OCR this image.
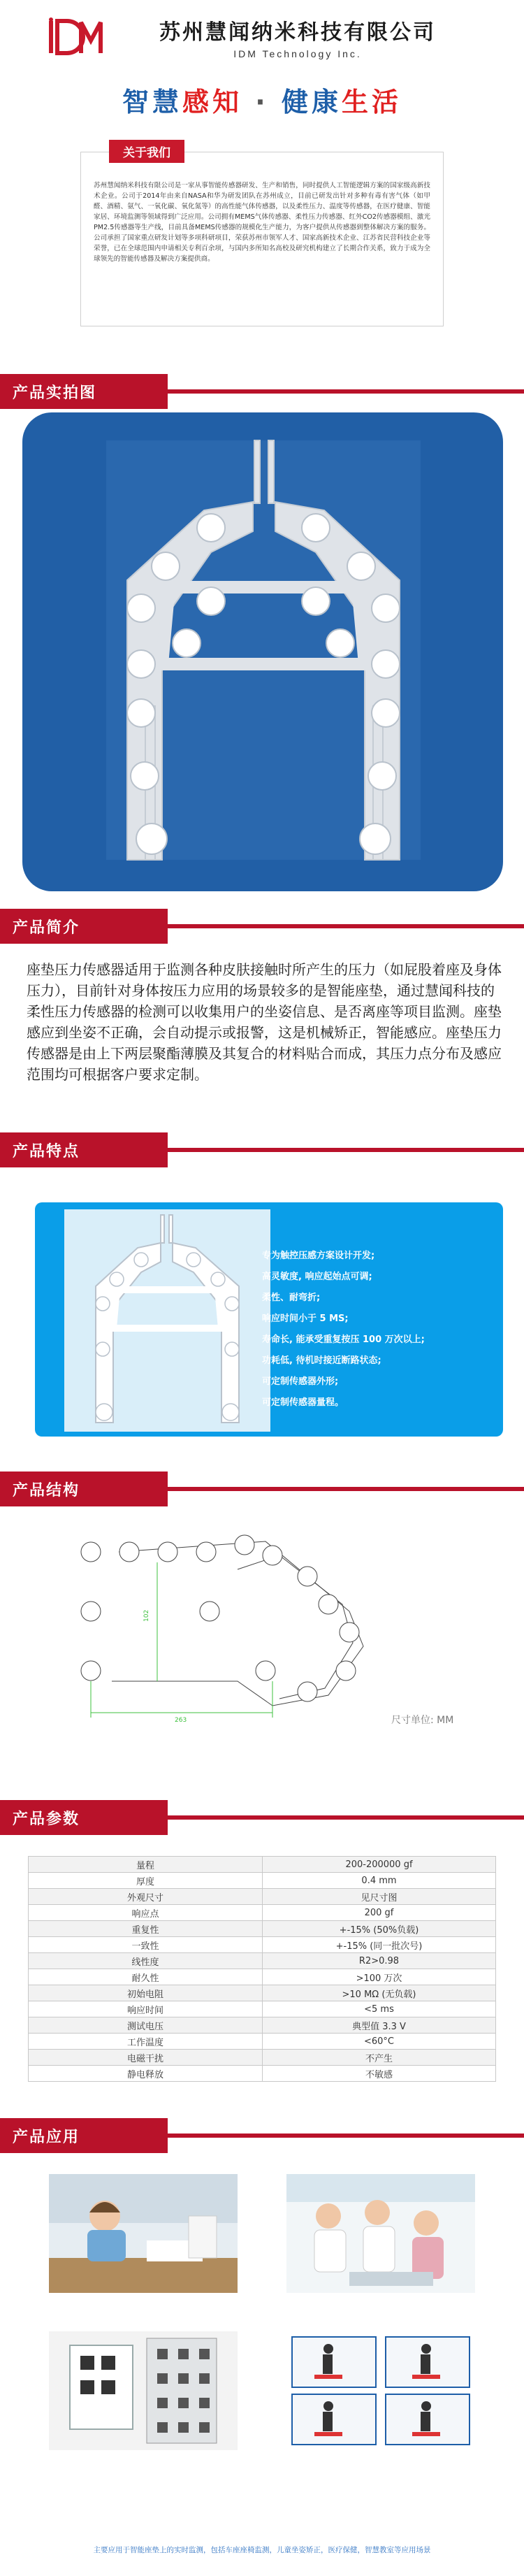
苏州慧闻纳米科技有限公司
IDM Technology Inc.
智慧感知 · 健康生活
关于我们
苏州慧闻纳米科技有限公司是一家从事智能传感器研发、生产和销售，同时提供人工智能逻辑方案的国家级高新技术企业。公司于2014年由来自NASA和华为研发团队在苏州成立，目前已研发出针对多种有毒有害气体（如甲醛、酒精、氨气、一氧化碳、氧化氮等）的高性能气体传感器，以及柔性压力、温度等传感器，在医疗健康、智能家居、环境监测等领域得到广泛应用。公司拥有MEMS气体传感器、柔性压力传感器、红外CO2传感器模组、激光PM2.5传感器等生产线，目前具备MEMS传感器的规模化生产能力，为客户提供从传感器到整体解决方案的服务。公司承担了国家重点研发计划等多项科研项目，荣获苏州市领军人才、国家高新技术企业、江苏省民营科技企业等荣誉，已在全球范围内申请相关专利百余项，与国内多所知名高校及研究机构建立了长期合作关系，致力于成为全球领先的智能传感器及解决方案提供商。
产品实拍图
产品简介
座垫压力传感器适用于监测各种皮肤接触时所产生的压力（如屁股着座及身体压力），目前针对身体按压力应用的场景较多的是智能座垫，通过慧闻科技的柔性压力传感器的检测可以收集用户的坐姿信息、是否离座等项目监测。座垫感应到坐姿不正确，会自动提示或报警，这是机械矫正，智能感应。座垫压力传感器是由上下两层聚酯薄膜及其复合的材料贴合而成，其压力点分布及感应范围均可根据客户要求定制。
产品特点
专为触控压感方案设计开发;
高灵敏度, 响应起始点可调;
柔性、耐弯折;
响应时间小于 5 MS;
寿命长, 能承受重复按压 100 万次以上;
功耗低, 待机时接近断路状态;
可定制传感器外形;
可定制传感器量程。
产品结构
102
263	尺寸单位: MM
产品参数
量程	200-200000 gf
厚度	0.4 mm
外观尺寸	见尺寸图
响应点	200 gf
重复性	+-15% (50%负载)
一致性	+-15% (同一批次号)
线性度	R2>0.98
耐久性	>100 万次
初始电阻	>10 MΩ (无负载)
响应时间	<5 ms
测试电压	典型值 3.3 V
工作温度	<60°C
电磁干扰	不产生
静电释放	不敏感
产品应用
主要应用于智能座垫上的实时监测，包括车座座椅监测，儿童坐姿矫正，医疗保健，智慧教室等应用场景
